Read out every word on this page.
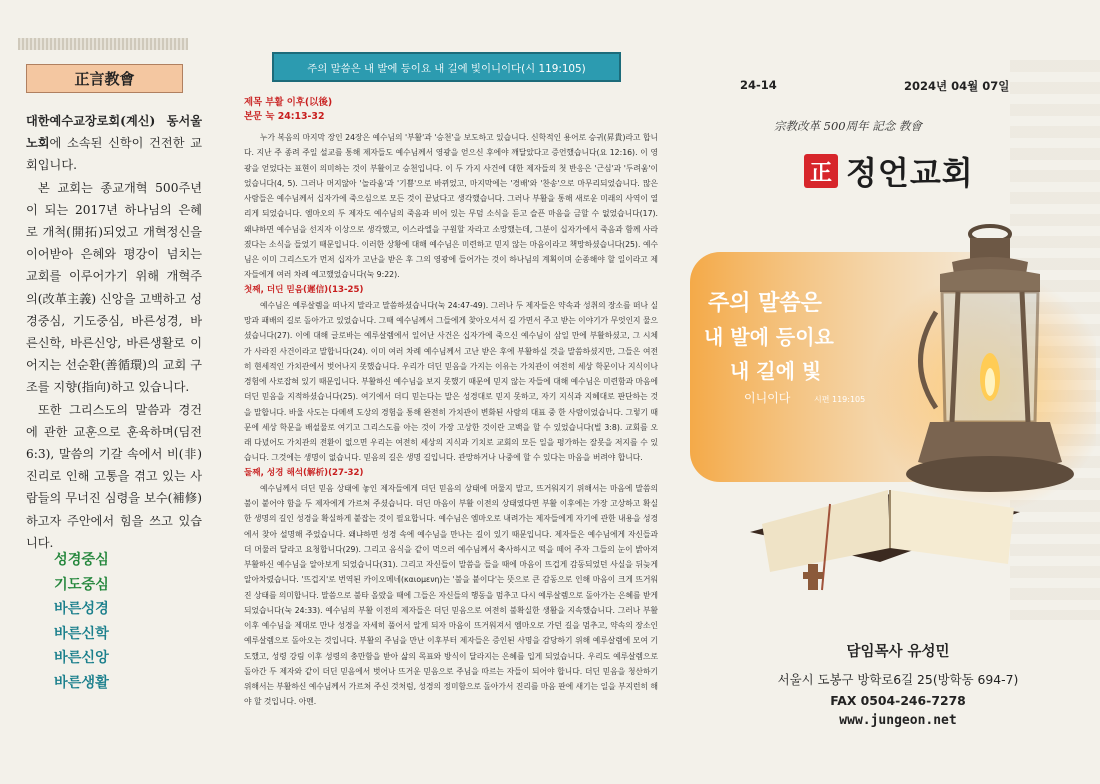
正言教會

대한예수교장로회(계신) 동서울 노회에 소속된 신학이 건전한 교회입니다.

본 교회는 종교개혁 500주년이 되는 2017년 하나님의 은혜로 개척(開拓)되었고 개혁정신을 이어받아 은혜와 평강이 넘치는 교회를 이루어가기 위해 개혁주의(改革主義) 신앙을 고백하고 성경중심, 기도중심, 바른성경, 바른신학, 바른신앙, 바른생활로 이어지는 선순환(善循環)의 교회 구조를 지향(指向)하고 있습니다.

또한 그리스도의 말씀과 경건에 관한 교훈으로 훈육하며(딤전 6:3), 말씀의 기갈 속에서 비(非) 진리로 인해 고통을 겪고 있는 사람들의 무너진 심령을 보수(補修)하고자 주안에서 힘을 쓰고 있습니다.

성경중심
기도중심
바른성경
바른신학
바른신앙
바른생활
주의 말씀은 내 발에 등이요 내 길에 빛이니이다(시 119:105)
제목 부활 이후(以後)
본문 눅 24:13-32

누가 복음의 마지막 장인 24장은 예수님의 '부활'과 '승천'을 보도하고 있습니다. 신학적인 용어로 승귀(昇貴)라고 합니다. 지난 주 종려 주일 설교를 통해 제자들도 예수님께서 영광을 얻으신 후에야 깨달았다고 증언했습니다(요 12:16). 이 영광을 얻었다는 표현이 의미하는 것이 부활이고 승천입니다. 이 두 가지 사건에 대한 제자들의 첫 반응은 '근심'과 '두려움'이었습니다(4, 5). 그러나 머지않아 '놀라움'과 '기쁨'으로 바뀌었고, 마지막에는 '경배'와 '찬송'으로 마무리되었습니다. 많은 사람들은 예수님께서 십자가에 죽으심으로 모든 것이 끝났다고 생각했습니다. 그러나 부활을 통해 새로운 미래의 사역이 열리게 되었습니다. 엠마오의 두 제자도 예수님의 죽음과 비어 있는 무덤 소식을 듣고 슬픈 마음을 금할 수 없었습니다(17). 왜냐하면 예수님을 선지자 이상으로 생각했고, 이스라엘을 구원할 자라고 소망했는데, 그분이 십자가에서 죽음과 함께 사라졌다는 소식을 들었기 때문입니다. 이러한 상황에 대해 예수님은 미련하고 믿지 않는 마음이라고 책망하셨습니다(25). 예수님은 이미 그리스도가 먼저 십자가 고난을 받은 후 그의 영광에 들어가는 것이 하나님의 계획이며 순종해야 할 일이라고 제자들에게 여러 차례 예고했었습니다(눅 9:22).

첫째, 더딘 믿음(遲信)(13-25)

예수님은 예루살렘을 떠나지 말라고 말씀하셨습니다(눅 24:47-49). 그러나 두 제자들은 약속과 성취의 장소를 떠나 실망과 패배의 길로 돌아가고 있었습니다. 그때 예수님께서 그들에게 찾아오셔서 길 가면서 주고 받는 이야기가 무엇인지 물으셨습니다(27). 이에 대해 글로바는 예루살렘에서 일어난 사건은 십자가에 죽으신 예수님이 삼일 만에 부활하셨고, 그 시체가 사라진 사건이라고 말합니다(24). 이미 여러 차례 예수님께서 고난 받은 후에 부활하실 것을 말씀하셨지만, 그들은 여전히 현세적인 가치관에서 벗어나지 못했습니다. 우리가 더딘 믿음을 가지는 이유는 가치관이 여전히 세상 학문이나 지식이나 경험에 사로잡혀 있기 때문입니다. 부활하신 예수님을 보지 못했기 때문에 믿지 않는 자들에 대해 예수님은 미련함과 마음에 더딘 믿음을 지적하셨습니다(25). 여기에서 더디 믿는다는 말은 성경대로 믿지 못하고, 자기 지식과 지혜대로 판단하는 것을 말합니다. 바울 사도는 다메섹 도상의 경험을 통해 완전히 가치관이 변화된 사람의 대표 중 한 사람이었습니다. 그렇기 때문에 세상 학문을 배설물로 여기고 그리스도를 아는 것이 가장 고상한 것이란 고백을 할 수 있었습니다(빌 3:8). 교회를 오래 다녔어도 가치관의 전환이 없으면 우리는 여전히 세상의 지식과 기치로 교회의 모든 일을 평가하는 잘못을 저지를 수 있습니다. 그것에는 생명이 없습니다. 믿음의 길은 생명 길입니다. 관망하거나 나중에 할 수 있다는 마음을 버려야 합니다.

둘째, 성경 해석(解析)(27-32)

예수님께서 더딘 믿음 상태에 놓인 제자들에게 더딘 믿음의 상태에 머물지 말고, 뜨거워지기 위해서는 마음에 말씀의 불이 붙어야 함을 두 제자에게 가르쳐 주셨습니다. 더딘 마음이 부활 이전의 상태였다면 부활 이후에는 가장 고상하고 확실한 생명의 길인 성경을 확실하게 붙잡는 것이 필요합니다. 예수님은 엠마오로 내려가는 제자들에게 자기에 관한 내용을 성경에서 찾아 설명해 주었습니다. 왜냐하면 성경 속에 예수님을 만나는 길이 있기 때문입니다. 제자들은 예수님에게 자신들과 더 머물러 달라고 요청합니다(29). 그리고 음식을 같이 먹으러 예수님께서 축사하시고 떡을 떼어 주자 그들의 눈이 밝아져 부활하신 예수님을 알아보게 되었습니다(31). 그리고 자신들이 말씀을 들을 때에 마음이 뜨겁게 감동되었던 사실을 뒤늦게 알아차렸습니다. '뜨겁지'로 번역된 카이오메네(καιομενη)는 '불을 붙이다'는 뜻으로 큰 감동으로 인해 마음이 크게 뜨거워진 상태를 의미합니다. 말씀으로 불타 올랐을 때에 그들은 자신들의 행동을 멈추고 다시 예루살렘으로 돌아가는 은혜를 받게 되었습니다(눅 24:33). 예수님의 부활 이전의 제자들은 더딘 믿음으로 여전히 불확실한 생활을 지속했습니다. 그러나 부활 이후 예수님을 제대로 만나 성경을 자세히 풀어서 알게 되자 마음이 뜨거워져서 엠마오로 가던 길을 멈추고, 약속의 장소인 예루살렘으로 돌아오는 것입니다. 부활의 주님을 만난 이후부터 제자들은 증인된 사명을 감당하기 위해 예루살렘에 모여 기도했고, 성령 강림 이후 성령의 충만함을 받아 삶의 목표와 방식이 달라지는 은혜를 입게 되었습니다. 우리도 예루살렘으로 돌아간 두 제자와 같이 더딘 믿음에서 벗어나 뜨거운 믿음으로 주님을 따르는 자들이 되어야 합니다. 더딘 믿음을 청산하기 위해서는 부활하신 예수님께서 가르쳐 주신 것처럼, 성경의 정미함으로 돌아가서 진리를 마음 판에 새기는 일을 부지런히 해야 할 것입니다. 아멘.

24-14	2024년 04월 07일
宗教改革 500周年 記念 教會
正 정언교회
주의 말씀은
내 발에 등이요
내 길에 빛
이니이다	시편 119:105
담임목사 유성민
서울시 도봉구 방학로6길 25(방학동 694-7)
FAX 0504-246-7278
www.jungeon.net
